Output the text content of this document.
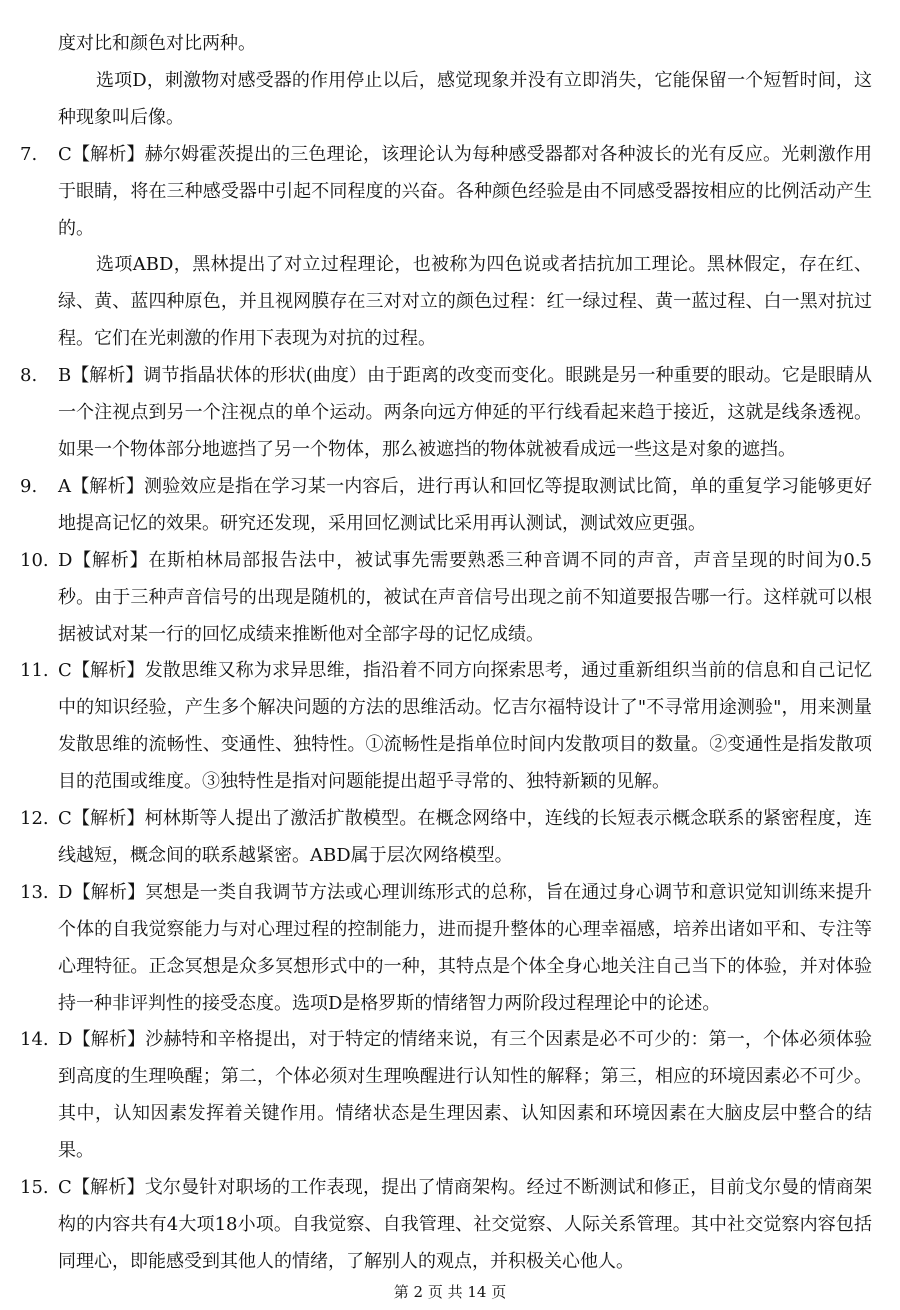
度对比和颜色对比两种。
选项D，刺激物对感受器的作用停止以后，感觉现象并没有立即消失，它能保留一个短暂时间，这种现象叫后像。
7.	C【解析】赫尔姆霍茨提出的三色理论，该理论认为每种感受器都对各种波长的光有反应。光刺激作用于眼睛，将在三种感受器中引起不同程度的兴奋。各种颜色经验是由不同感受器按相应的比例活动产生的。
选项ABD，黑林提出了对立过程理论，也被称为四色说或者拮抗加工理论。黑林假定，存在红、绿、黄、蓝四种原色，并且视网膜存在三对对立的颜色过程：红一绿过程、黄一蓝过程、白一黑对抗过程。它们在光刺激的作用下表现为对抗的过程。
8.	B【解析】调节指晶状体的形状(曲度）由于距离的改变而变化。眼跳是另一种重要的眼动。它是眼睛从一个注视点到另一个注视点的单个运动。两条向远方伸延的平行线看起来趋于接近，这就是线条透视。如果一个物体部分地遮挡了另一个物体，那么被遮挡的物体就被看成远一些这是对象的遮挡。
9.	A【解析】测验效应是指在学习某一内容后，进行再认和回忆等提取测试比简，单的重复学习能够更好地提高记忆的效果。研究还发现，采用回忆测试比采用再认测试，测试效应更强。
10. D【解析】在斯柏林局部报告法中，被试事先需要熟悉三种音调不同的声音，声音呈现的时间为0.5秒。由于三种声音信号的出现是随机的，被试在声音信号出现之前不知道要报告哪一行。这样就可以根据被试对某一行的回忆成绩来推断他对全部字母的记忆成绩。
11. C【解析】发散思维又称为求异思维，指沿着不同方向探索思考，通过重新组织当前的信息和自己记忆中的知识经验，产生多个解决问题的方法的思维活动。忆吉尔福特设计了"不寻常用途测验"，用来测量发散思维的流畅性、变通性、独特性。①流畅性是指单位时间内发散项目的数量。②变通性是指发散项目的范围或维度。③独特性是指对问题能提出超乎寻常的、独特新颖的见解。
12. C【解析】柯林斯等人提出了激活扩散模型。在概念网络中，连线的长短表示概念联系的紧密程度，连线越短，概念间的联系越紧密。ABD属于层次网络模型。
13. D【解析】冥想是一类自我调节方法或心理训练形式的总称，旨在通过身心调节和意识觉知训练来提升个体的自我觉察能力与对心理过程的控制能力，进而提升整体的心理幸福感，培养出诸如平和、专注等心理特征。正念冥想是众多冥想形式中的一种，其特点是个体全身心地关注自己当下的体验，并对体验持一种非评判性的接受态度。选项D是格罗斯的情绪智力两阶段过程理论中的论述。
14. D【解析】沙赫特和辛格提出，对于特定的情绪来说，有三个因素是必不可少的：第一，个体必须体验到高度的生理唤醒；第二，个体必须对生理唤醒进行认知性的解释；第三，相应的环境因素必不可少。其中，认知因素发挥着关键作用。情绪状态是生理因素、认知因素和环境因素在大脑皮层中整合的结果。
15. C【解析】戈尔曼针对职场的工作表现，提出了情商架构。经过不断测试和修正，目前戈尔曼的情商架构的内容共有4大项18小项。自我觉察、自我管理、社交觉察、人际关系管理。其中社交觉察内容包括同理心，即能感受到其他人的情绪，了解别人的观点，并积极关心他人。
第 2 页 共 14 页
